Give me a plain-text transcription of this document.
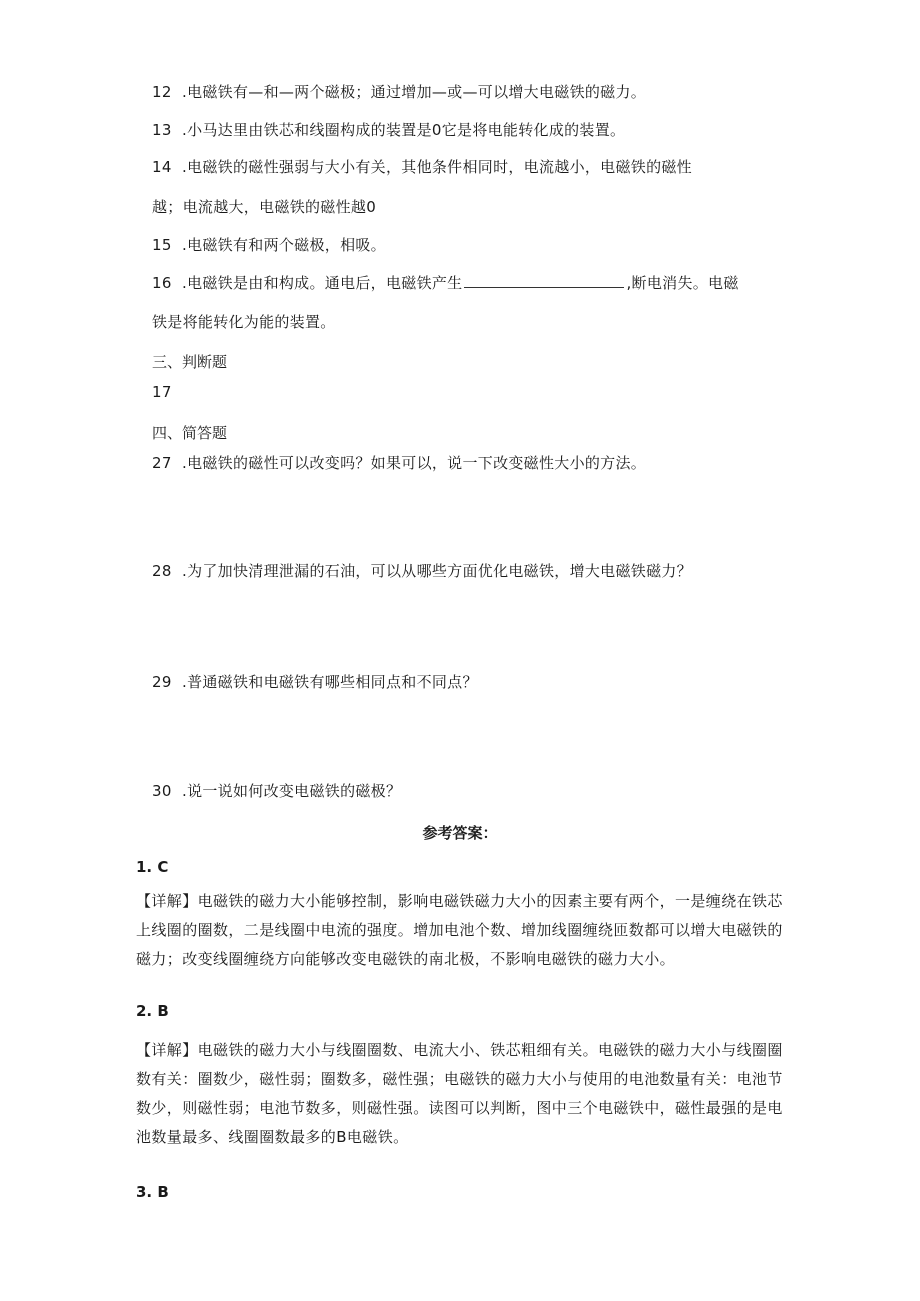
12 .电磁铁有—和—两个磁极；通过增加—或—可以增大电磁铁的磁力。
13 .小马达里由铁芯和线圈构成的装置是0它是将电能转化成的装置。
14 .电磁铁的磁性强弱与大小有关，其他条件相同时，电流越小，电磁铁的磁性
越；电流越大，电磁铁的磁性越0
15 .电磁铁有和两个磁极，相吸。
16 .电磁铁是由和构成。通电后，电磁铁产生	,断电消失。电磁
铁是将能转化为能的装置。
三、判断题
17
四、简答题
27 .电磁铁的磁性可以改变吗？如果可以，说一下改变磁性大小的方法。
28 .为了加快清理泄漏的石油，可以从哪些方面优化电磁铁，增大电磁铁磁力？
29 .普通磁铁和电磁铁有哪些相同点和不同点？
30 .说一说如何改变电磁铁的磁极？
参考答案：
1. C
【详解】电磁铁的磁力大小能够控制，影响电磁铁磁力大小的因素主要有两个，一是缠绕在铁芯
上线圈的圈数，二是线圈中电流的强度。增加电池个数、增加线圈缠绕匝数都可以增大电磁铁的
磁力；改变线圈缠绕方向能够改变电磁铁的南北极，不影响电磁铁的磁力大小。
2. B
【详解】电磁铁的磁力大小与线圈圈数、电流大小、铁芯粗细有关。电磁铁的磁力大小与线圈圈
数有关：圈数少，磁性弱；圈数多，磁性强；电磁铁的磁力大小与使用的电池数量有关：电池节
数少，则磁性弱；电池节数多，则磁性强。读图可以判断，图中三个电磁铁中，磁性最强的是电
池数量最多、线圈圈数最多的B电磁铁。
3. B
